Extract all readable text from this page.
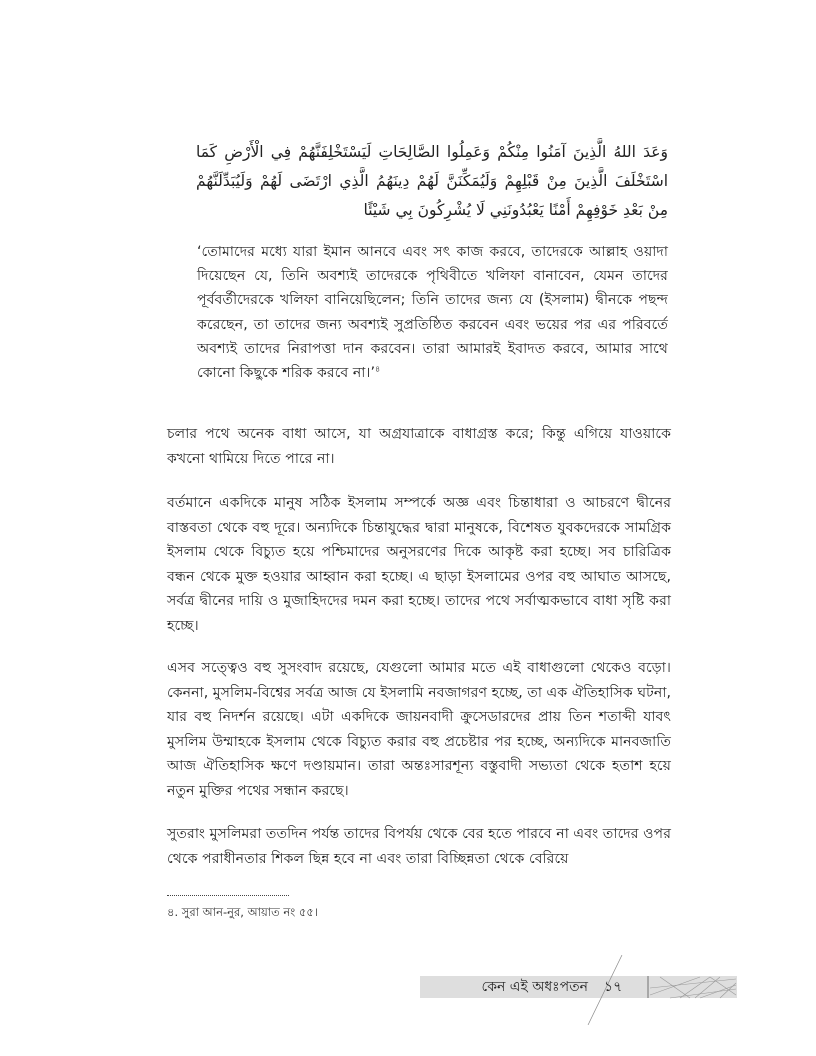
وَعَدَ اللهُ الَّذِينَ آمَنُوا مِنْكُمْ وَعَمِلُوا الصَّالِحَاتِ لَيَسْتَخْلِفَنَّهُمْ فِي الْأَرْضِ كَمَا
اسْتَخْلَفَ الَّذِينَ مِنْ قَبْلِهِمْ وَلَيُمَكِّنَنَّ لَهُمْ دِينَهُمُ الَّذِي ارْتَضَى لَهُمْ وَلَيُبَدِّلَنَّهُمْ
مِنْ بَعْدِ خَوْفِهِمْ أَمْنًا يَعْبُدُونَنِي لَا يُشْرِكُونَ بِي شَيْئًا
‘তোমাদের মধ্যে যারা ইমান আনবে এবং সৎ কাজ করবে, তাদেরকে আল্লাহ ওয়াদা দিয়েছেন যে, তিনি অবশ্যই তাদেরকে পৃথিবীতে খলিফা বানাবেন, যেমন তাদের পূর্ববর্তীদেরকে খলিফা বানিয়েছিলেন; তিনি তাদের জন্য যে (ইসলাম) দ্বীনকে পছন্দ করেছেন, তা তাদের জন্য অবশ্যই সুপ্রতিষ্ঠিত করবেন এবং ভয়ের পর এর পরিবর্তে অবশ্যই তাদের নিরাপত্তা দান করবেন। তারা আমারই ইবাদত করবে, আমার সাথে কোনো কিছুকে শরিক করবে না।’$^৪$

চলার পথে অনেক বাধা আসে, যা অগ্রযাত্রাকে বাধাগ্রস্ত করে; কিন্তু এগিয়ে যাওয়াকে কখনো থামিয়ে দিতে পারে না।

বর্তমানে একদিকে মানুষ সঠিক ইসলাম সম্পর্কে অজ্ঞ এবং চিন্তাধারা ও আচরণে দ্বীনের বাস্তবতা থেকে বহু দূরে। অন্যদিকে চিন্তাযুদ্ধের দ্বারা মানুষকে, বিশেষত যুবকদেরকে সামগ্রিক ইসলাম থেকে বিচ্যুত হয়ে পশ্চিমাদের অনুসরণের দিকে আকৃষ্ট করা হচ্ছে। সব চারিত্রিক বন্ধন থেকে মুক্ত হওয়ার আহ্বান করা হচ্ছে। এ ছাড়া ইসলামের ওপর বহু আঘাত আসছে, সর্বত্র দ্বীনের দায়ি ও মুজাহিদদের দমন করা হচ্ছে। তাদের পথে সর্বাত্মকভাবে বাধা সৃষ্টি করা হচ্ছে।

এসব সত্ত্বেও বহু সুসংবাদ রয়েছে, যেগুলো আমার মতে এই বাধাগুলো থেকেও বড়ো। কেননা, মুসলিম-বিশ্বের সর্বত্র আজ যে ইসলামি নবজাগরণ হচ্ছে, তা এক ঐতিহাসিক ঘটনা, যার বহু নিদর্শন রয়েছে। এটা একদিকে জায়নবাদী ক্রুসেডারদের প্রায় তিন শতাব্দী যাবৎ মুসলিম উম্মাহকে ইসলাম থেকে বিচ্যুত করার বহু প্রচেষ্টার পর হচ্ছে, অন্যদিকে মানবজাতি আজ ঐতিহাসিক ক্ষণে দণ্ডায়মান। তারা অন্তঃসারশূন্য বস্তুবাদী সভ্যতা থেকে হতাশ হয়ে নতুন মুক্তির পথের সন্ধান করছে।

সুতরাং মুসলিমরা ততদিন পর্যন্ত তাদের বিপর্যয় থেকে বের হতে পারবে না এবং তাদের ওপর থেকে পরাধীনতার শিকল ছিন্ন হবে না এবং তারা বিচ্ছিন্নতা থেকে বেরিয়ে

৪. সুরা আন-নুর, আয়াত নং ৫৫।
কেন এই অধঃপতন ১৭
